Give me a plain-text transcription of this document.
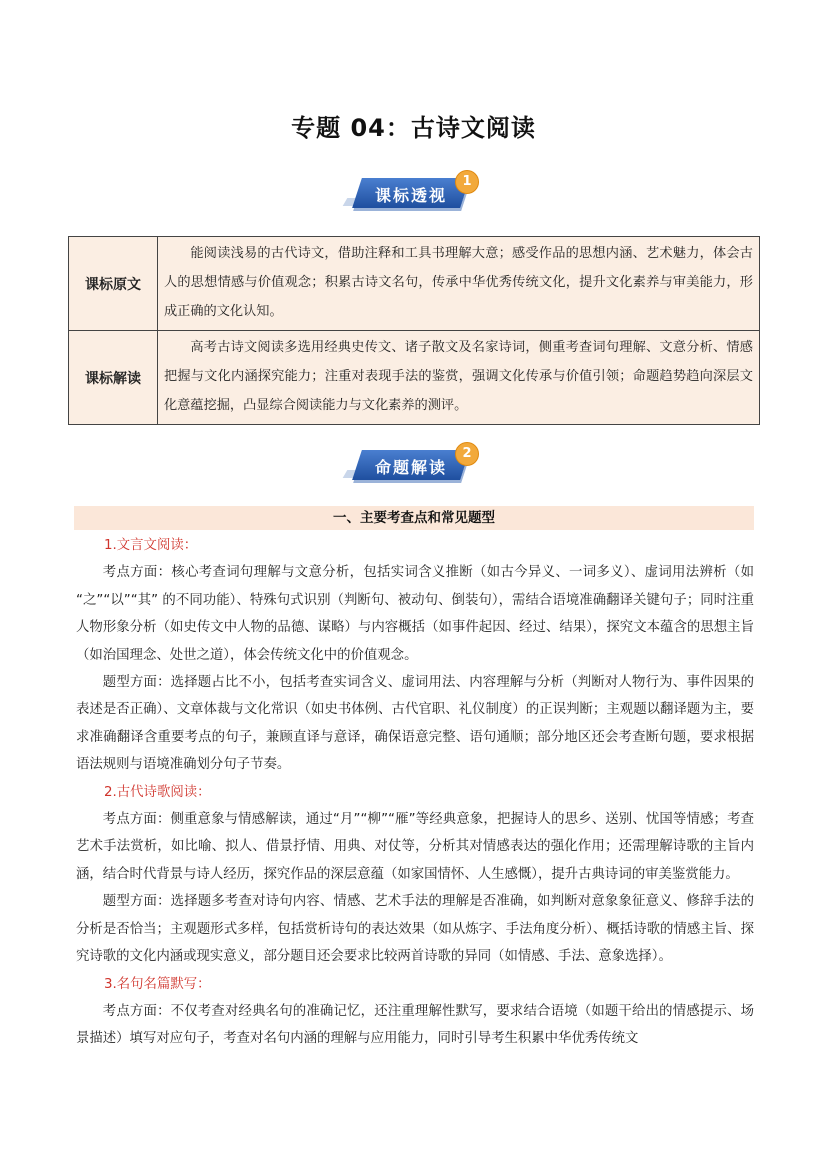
专题 04：古诗文阅读
课标透视
1
课标原文	能阅读浅易的古代诗文，借助注释和工具书理解大意；感受作品的思想内涵、艺术魅力，体会古人的思想情感与价值观念；积累古诗文名句，传承中华优秀传统文化，提升文化素养与审美能力，形成正确的文化认知。

课标解读	高考古诗文阅读多选用经典史传文、诸子散文及名家诗词，侧重考查词句理解、文意分析、情感把握与文化内涵探究能力；注重对表现手法的鉴赏，强调文化传承与价值引领；命题趋势趋向深层文化意蕴挖掘，凸显综合阅读能力与文化素养的测评。
命题解读
2
一、主要考查点和常见题型

1.文言文阅读：

考点方面：核心考查词句理解与文意分析，包括实词含义推断（如古今异义、一词多义）、虚词用法辨析（如 “之”“以”“其” 的不同功能）、特殊句式识别（判断句、被动句、倒装句），需结合语境准确翻译关键句子；同时注重人物形象分析（如史传文中人物的品德、谋略）与内容概括（如事件起因、经过、结果），探究文本蕴含的思想主旨（如治国理念、处世之道），体会传统文化中的价值观念。

题型方面：选择题占比不小，包括考查实词含义、虚词用法、内容理解与分析（判断对人物行为、事件因果的表述是否正确）、文章体裁与文化常识（如史书体例、古代官职、礼仪制度）的正误判断；主观题以翻译题为主，要求准确翻译含重要考点的句子，兼顾直译与意译，确保语意完整、语句通顺；部分地区还会考查断句题，要求根据语法规则与语境准确划分句子节奏。

2.古代诗歌阅读：

考点方面：侧重意象与情感解读，通过“月”“柳”“雁”等经典意象，把握诗人的思乡、送别、忧国等情感；考查艺术手法赏析，如比喻、拟人、借景抒情、用典、对仗等，分析其对情感表达的强化作用；还需理解诗歌的主旨内涵，结合时代背景与诗人经历，探究作品的深层意蕴（如家国情怀、人生感慨），提升古典诗词的审美鉴赏能力。

题型方面：选择题多考查对诗句内容、情感、艺术手法的理解是否准确，如判断对意象象征意义、修辞手法的分析是否恰当；主观题形式多样，包括赏析诗句的表达效果（如从炼字、手法角度分析）、概括诗歌的情感主旨、探究诗歌的文化内涵或现实意义，部分题目还会要求比较两首诗歌的异同（如情感、手法、意象选择）。

3.名句名篇默写：

考点方面：不仅考查对经典名句的准确记忆，还注重理解性默写，要求结合语境（如题干给出的情感提示、场景描述）填写对应句子，考查对名句内涵的理解与应用能力，同时引导考生积累中华优秀传统文
